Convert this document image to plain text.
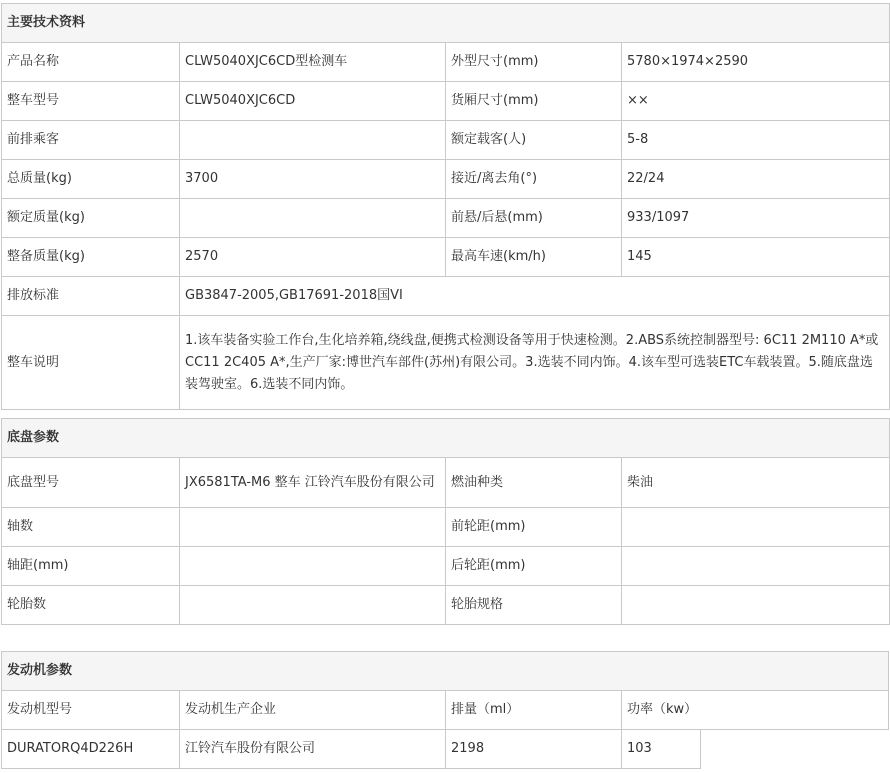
主要技术资料			
产品名称	CLW5040XJC6CD型检测车	外型尺寸(mm)	5780×1974×2590
整车型号	CLW5040XJC6CD	货厢尺寸(mm)	××
前排乘客		额定载客(人)	5-8
总质量(kg)	3700	接近/离去角(°)	22/24
额定质量(kg)		前悬/后悬(mm)	933/1097
整备质量(kg)	2570	最高车速(km/h)	145
排放标准	GB3847-2005,GB17691-2018国VI		
整车说明	1.该车装备实验工作台,生化培养箱,绕线盘,便携式检测设备等用于快速检测。2.ABS系统控制器型号: 6C11 2M110 A*或CC11 2C405 A*,生产厂家:博世汽车部件(苏州)有限公司。3.选装不同内饰。4.该车型可选装ETC车载装置。5.随底盘选装驾驶室。6.选装不同内饰。		
底盘参数			
底盘型号	JX6581TA-M6 整车 江铃汽车股份有限公司	燃油种类	柴油
轴数		前轮距(mm)	
轴距(mm)		后轮距(mm)	
轮胎数		轮胎规格	
发动机参数				
发动机型号	发动机生产企业	排量（ml）	功率（kw）	
DURATORQ4D226H	江铃汽车股份有限公司	2198	103	
